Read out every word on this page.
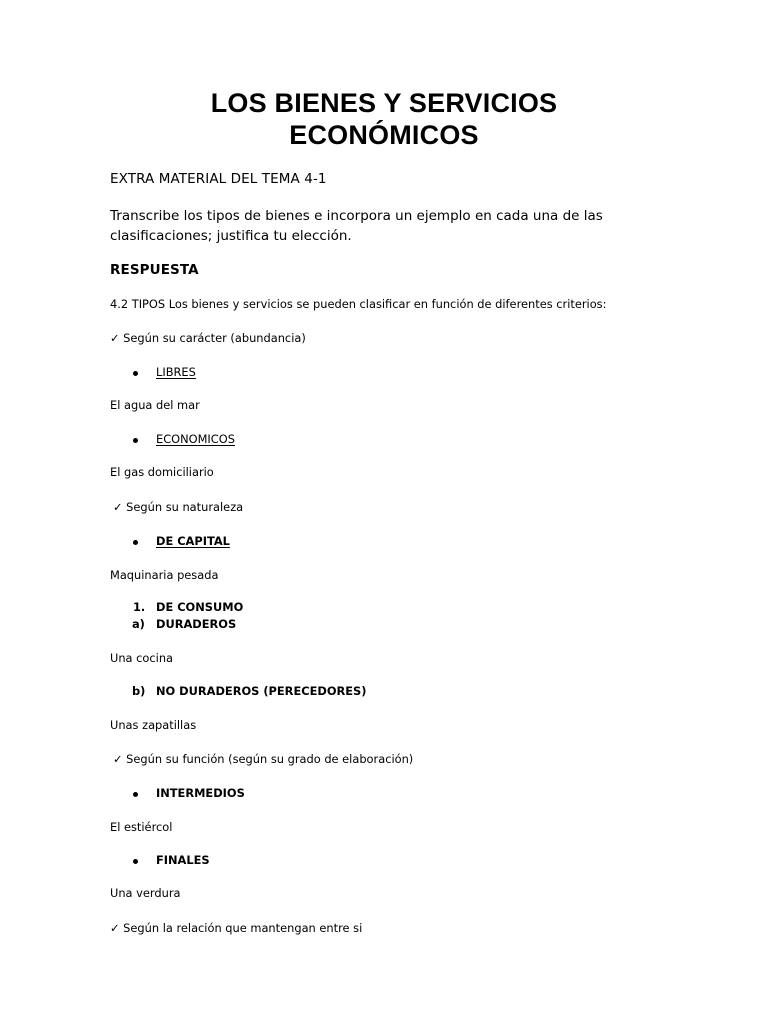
LOS BIENES Y SERVICIOS
ECONÓMICOS
EXTRA MATERIAL DEL TEMA 4-1
Transcribe los tipos de bienes e incorpora un ejemplo en cada una de las clasificaciones; justifica tu elección.
RESPUESTA
4.2 TIPOS Los bienes y servicios se pueden clasificar en función de diferentes criterios:
✓ Según su carácter (abundancia)
LIBRES
El agua del mar
ECONOMICOS
El gas domiciliario
✓ Según su naturaleza
DE CAPITAL
Maquinaria pesada
1. DE CONSUMO
a) DURADEROS
Una cocina
b) NO DURADEROS (PERECEDORES)
Unas zapatillas
✓ Según su función (según su grado de elaboración)
INTERMEDIOS
El estiércol
FINALES
Una verdura
✓ Según la relación que mantengan entre si
